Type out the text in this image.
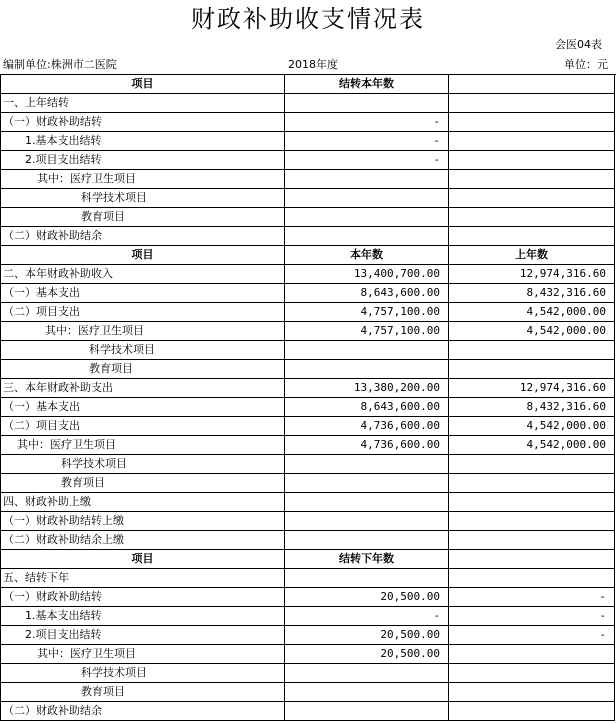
财政补助收支情况表
会医04表
编制单位:株洲市二医院	2018年度	单位：元
项目	结转本年数	
一、上年结转		
（一）财政补助结转	-	
1.基本支出结转	-	
2.项目支出结转	-	
其中：医疗卫生项目		
科学技术项目		
教育项目		
（二）财政补助结余		
项目	本年数	上年数
二、本年财政补助收入	13,400,700.00	12,974,316.60
（一）基本支出	8,643,600.00	8,432,316.60
（二）项目支出	4,757,100.00	4,542,000.00
其中：医疗卫生项目	4,757,100.00	4,542,000.00
科学技术项目		
教育项目		
三、本年财政补助支出	13,380,200.00	12,974,316.60
（一）基本支出	8,643,600.00	8,432,316.60
（二）项目支出	4,736,600.00	4,542,000.00
其中：医疗卫生项目	4,736,600.00	4,542,000.00
科学技术项目		
教育项目		
四、财政补助上缴		
（一）财政补助结转上缴		
（二）财政补助结余上缴		
项目	结转下年数	
五、结转下年		
（一）财政补助结转	20,500.00	-
1.基本支出结转	-	-
2.项目支出结转	20,500.00	-
其中：医疗卫生项目	20,500.00	
科学技术项目		
教育项目		
（二）财政补助结余		
